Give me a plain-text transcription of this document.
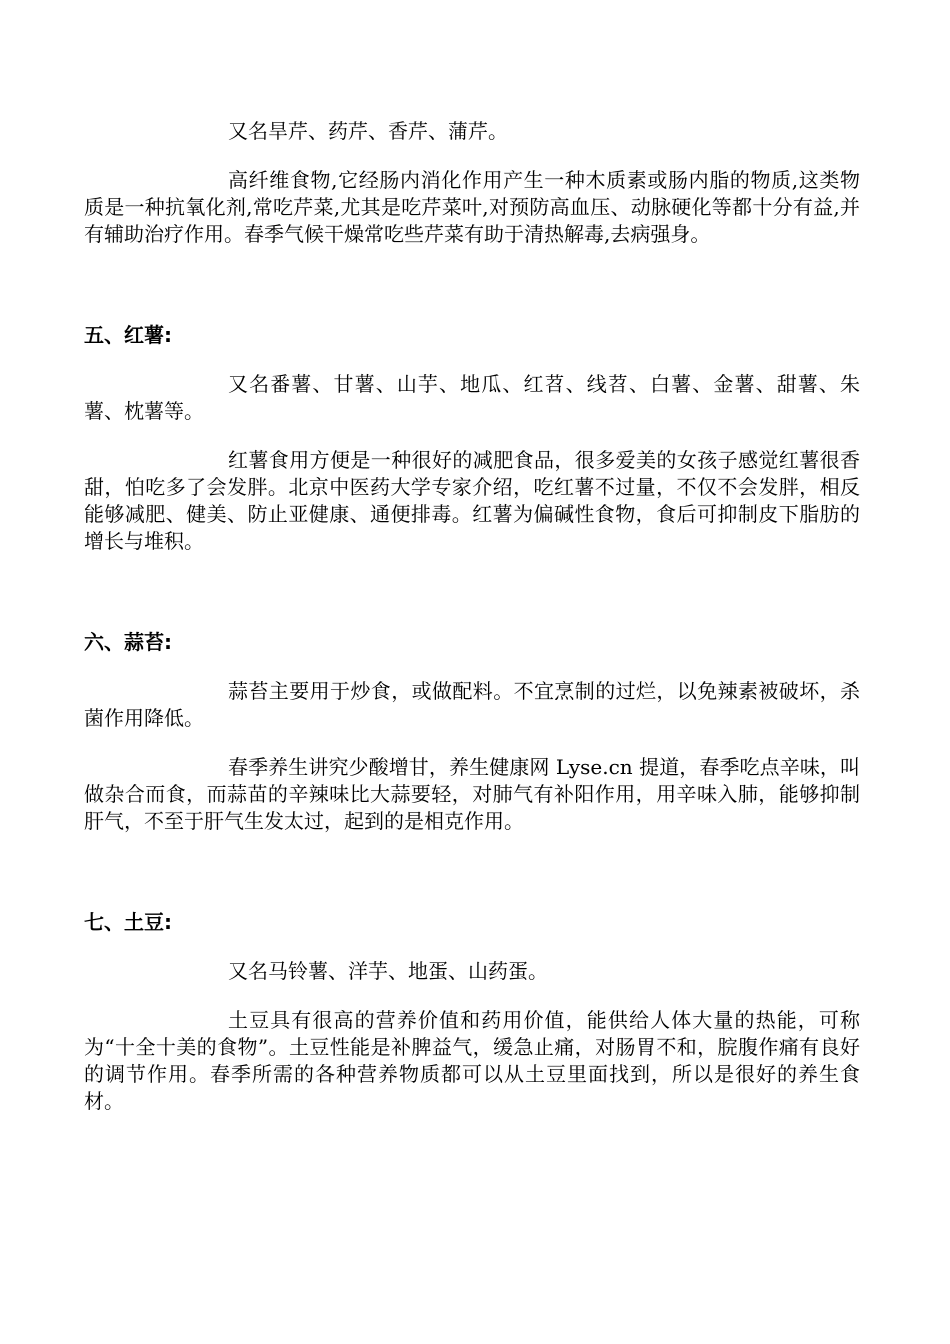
又名旱芹、药芹、香芹、蒲芹。

高纤维食物,它经肠内消化作用产生一种木质素或肠内脂的物质,这类物质是一种抗氧化剂,常吃芹菜,尤其是吃芹菜叶,对预防高血压、动脉硬化等都十分有益,并有辅助治疗作用。春季气候干燥常吃些芹菜有助于清热解毒,去病强身。

五、红薯:

又名番薯、甘薯、山芋、地瓜、红苕、线苕、白薯、金薯、甜薯、朱薯、枕薯等。

红薯食用方便是一种很好的减肥食品，很多爱美的女孩子感觉红薯很香甜，怕吃多了会发胖。北京中医药大学专家介绍，吃红薯不过量，不仅不会发胖，相反能够减肥、健美、防止亚健康、通便排毒。红薯为偏碱性食物，食后可抑制皮下脂肪的增长与堆积。

六、蒜苔:

蒜苔主要用于炒食，或做配料。不宜烹制的过烂，以免辣素被破坏，杀菌作用降低。

春季养生讲究少酸增甘，养生健康网 Lyse.cn 提道，春季吃点辛味，叫做杂合而食，而蒜苗的辛辣味比大蒜要轻，对肺气有补阳作用，用辛味入肺，能够抑制肝气，不至于肝气生发太过，起到的是相克作用。

七、土豆:

又名马铃薯、洋芋、地蛋、山药蛋。

土豆具有很高的营养价值和药用价值，能供给人体大量的热能，可称为“十全十美的食物”。土豆性能是补脾益气，缓急止痛，对肠胃不和，脘腹作痛有良好的调节作用。春季所需的各种营养物质都可以从土豆里面找到，所以是很好的养生食材。
